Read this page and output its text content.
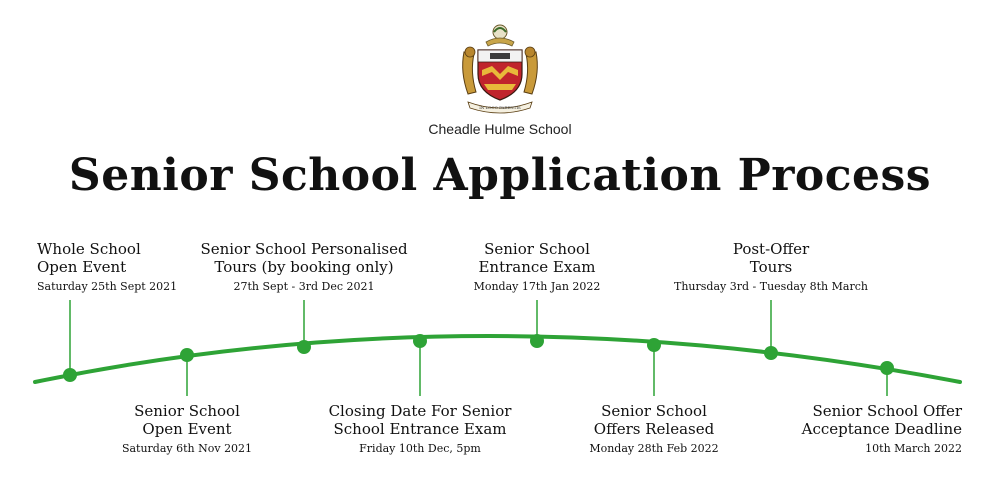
IN LOCO PARENTIS
Cheadle Hulme School
Senior School Application Process
Whole School
Open Event
Saturday 25th Sept 2021
Senior School
Open Event
Saturday 6th Nov 2021
Senior School Personalised
Tours (by booking only)
27th Sept - 3rd Dec 2021
Closing Date For Senior
School Entrance Exam
Friday 10th Dec, 5pm
Senior School
Entrance Exam
Monday 17th Jan 2022
Senior School
Offers Released
Monday 28th Feb 2022
Post-Offer
Tours
Thursday 3rd - Tuesday 8th March
Senior School Offer
Acceptance Deadline
10th March 2022
